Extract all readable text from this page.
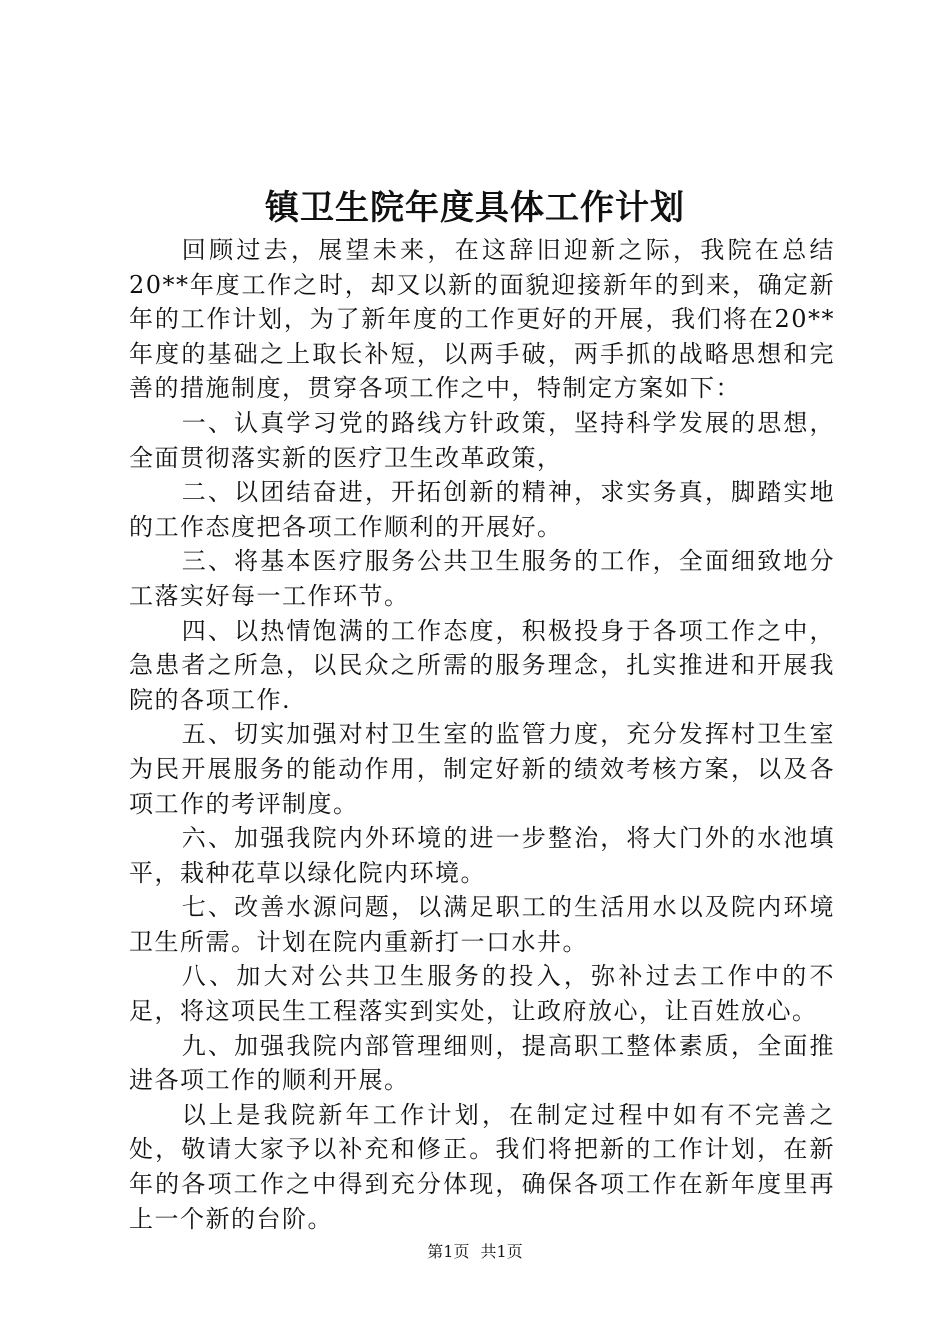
镇卫生院年度具体工作计划

回顾过去，展望未来，在这辞旧迎新之际，我院在总结20**年度工作之时，却又以新的面貌迎接新年的到来，确定新年的工作计划，为了新年度的工作更好的开展，我们将在20**年度的基础之上取长补短，以两手破，两手抓的战略思想和完善的措施制度，贯穿各项工作之中，特制定方案如下：

一、认真学习党的路线方针政策，坚持科学发展的思想，全面贯彻落实新的医疗卫生改革政策，

二、以团结奋进，开拓创新的精神，求实务真，脚踏实地的工作态度把各项工作顺利的开展好。

三、将基本医疗服务公共卫生服务的工作，全面细致地分工落实好每一工作环节。

四、以热情饱满的工作态度，积极投身于各项工作之中，急患者之所急，以民众之所需的服务理念，扎实推进和开展我院的各项工作.

五、切实加强对村卫生室的监管力度，充分发挥村卫生室为民开展服务的能动作用，制定好新的绩效考核方案，以及各项工作的考评制度。

六、加强我院内外环境的进一步整治，将大门外的水池填平，栽种花草以绿化院内环境。

七、改善水源问题，以满足职工的生活用水以及院内环境卫生所需。计划在院内重新打一口水井。

八、加大对公共卫生服务的投入，弥补过去工作中的不足，将这项民生工程落实到实处，让政府放心，让百姓放心。

九、加强我院内部管理细则，提高职工整体素质，全面推进各项工作的顺利开展。

以上是我院新年工作计划，在制定过程中如有不完善之处，敬请大家予以补充和修正。我们将把新的工作计划，在新年的各项工作之中得到充分体现，确保各项工作在新年度里再上一个新的台阶。

第1页 共1页
